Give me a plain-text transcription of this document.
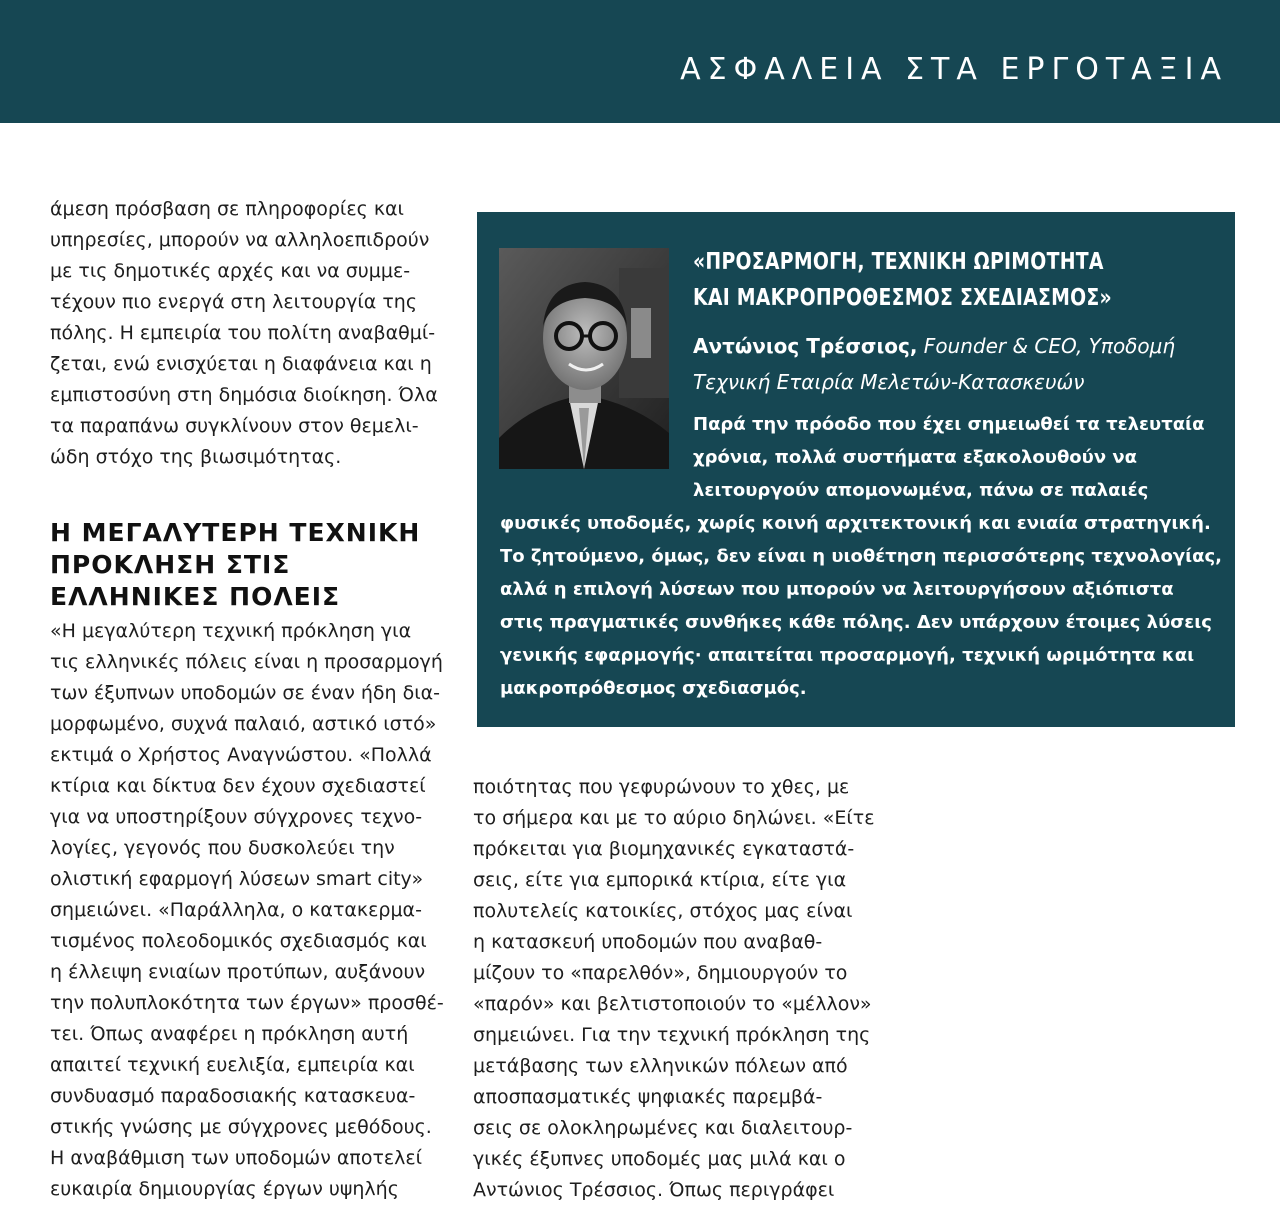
ΑΣΦΑΛΕΙΑ ΣΤΑ ΕΡΓΟΤΑΞΙΑ
άμεση πρόσβαση σε πληροφορίες και
υπηρεσίες, μπορούν να αλληλοεπιδρούν
με τις δημοτικές αρχές και να συμμε-
τέχουν πιο ενεργά στη λειτουργία της
πόλης. Η εμπειρία του πολίτη αναβαθμί-
ζεται, ενώ ενισχύεται η διαφάνεια και η
εμπιστοσύνη στη δημόσια διοίκηση. Όλα
τα παραπάνω συγκλίνουν στον θεμελι-
ώδη στόχο της βιωσιμότητας.
Η ΜΕΓΑΛΥΤΕΡΗ ΤΕΧΝΙΚΗ
ΠΡΟΚΛΗΣΗ ΣΤΙΣ
ΕΛΛΗΝΙΚΕΣ ΠΟΛΕΙΣ
«Η μεγαλύτερη τεχνική πρόκληση για
τις ελληνικές πόλεις είναι η προσαρμογή
των έξυπνων υποδομών σε έναν ήδη δια-
μορφωμένο, συχνά παλαιό, αστικό ιστό»
εκτιμά ο Χρήστος Αναγνώστου. «Πολλά
κτίρια και δίκτυα δεν έχουν σχεδιαστεί
για να υποστηρίξουν σύγχρονες τεχνο-
λογίες, γεγονός που δυσκολεύει την
ολιστική εφαρμογή λύσεων smart city»
σημειώνει. «Παράλληλα, ο κατακερμα-
τισμένος πολεοδομικός σχεδιασμός και
η έλλειψη ενιαίων προτύπων, αυξάνουν
την πολυπλοκότητα των έργων» προσθέ-
τει. Όπως αναφέρει η πρόκληση αυτή
απαιτεί τεχνική ευελιξία, εμπειρία και
συνδυασμό παραδοσιακής κατασκευα-
στικής γνώσης με σύγχρονες μεθόδους.
Η αναβάθμιση των υποδομών αποτελεί
ευκαιρία δημιουργίας έργων υψηλής
ποιότητας που γεφυρώνουν το χθες, με
το σήμερα και με το αύριο δηλώνει. «Είτε
πρόκειται για βιομηχανικές εγκαταστά-
σεις, είτε για εμπορικά κτίρια, είτε για
πολυτελείς κατοικίες, στόχος μας είναι
η κατασκευή υποδομών που αναβαθ-
μίζουν το «παρελθόν», δημιουργούν το
«παρόν» και βελτιστοποιούν το «μέλλον»
σημειώνει. Για την τεχνική πρόκληση της
μετάβασης των ελληνικών πόλεων από
αποσπασματικές ψηφιακές παρεμβά-
σεις σε ολοκληρωμένες και διαλειτουρ-
γικές έξυπνες υποδομές μας μιλά και ο
Αντώνιος Τρέσσιος. Όπως περιγράφει
«ΠΡΟΣΑΡΜΟΓΗ, ΤΕΧΝΙΚΗ ΩΡΙΜΟΤΗΤΑ
ΚΑΙ ΜΑΚΡΟΠΡΟΘΕΣΜΟΣ ΣΧΕΔΙΑΣΜΟΣ»
Αντώνιος Τρέσσιος, Founder & CEO, Υποδομή
Τεχνική Εταιρία Μελετών-Κατασκευών
Παρά την πρόοδο που έχει σημειωθεί τα τελευταία
χρόνια, πολλά συστήματα εξακολουθούν να
λειτουργούν απομονωμένα, πάνω σε παλαιές
φυσικές υποδομές, χωρίς κοινή αρχιτεκτονική και ενιαία στρατηγική.
Το ζητούμενο, όμως, δεν είναι η υιοθέτηση περισσότερης τεχνολογίας,
αλλά η επιλογή λύσεων που μπορούν να λειτουργήσουν αξιόπιστα
στις πραγματικές συνθήκες κάθε πόλης. Δεν υπάρχουν έτοιμες λύσεις
γενικής εφαρμογής· απαιτείται προσαρμογή, τεχνική ωριμότητα και
μακροπρόθεσμος σχεδιασμός.
